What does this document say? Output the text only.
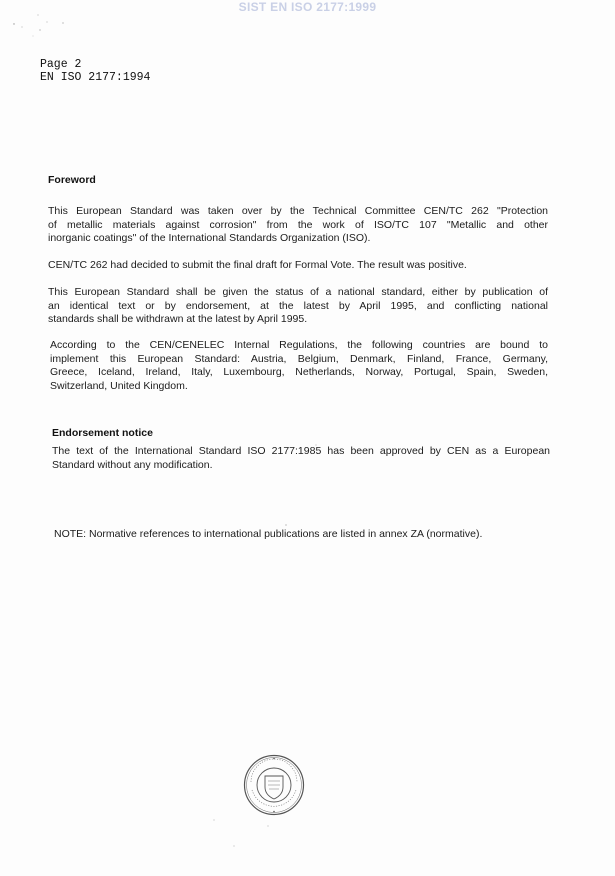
SIST EN ISO 2177:1999
Page 2
EN ISO 2177:1994
Foreword
This European Standard was taken over by the Technical Committee CEN/TC 262 "Protection
of metallic materials against corrosion" from the work of ISO/TC 107 "Metallic and other
inorganic coatings" of the International Standards Organization (ISO).
CEN/TC 262 had decided to submit the final draft for Formal Vote. The result was positive.
This European Standard shall be given the status of a national standard, either by publication of
an identical text or by endorsement, at the latest by April 1995, and conflicting national
standards shall be withdrawn at the latest by April 1995.
According to the CEN/CENELEC Internal Regulations, the following countries are bound to
implement this European Standard: Austria, Belgium, Denmark, Finland, France, Germany,
Greece, Iceland, Ireland, Italy, Luxembourg, Netherlands, Norway, Portugal, Spain, Sweden,
Switzerland, United Kingdom.
Endorsement notice
The text of the International Standard ISO 2177:1985 has been approved by CEN as a European
Standard without any modification.
NOTE: Normative references to international publications are listed in annex ZA (normative).
